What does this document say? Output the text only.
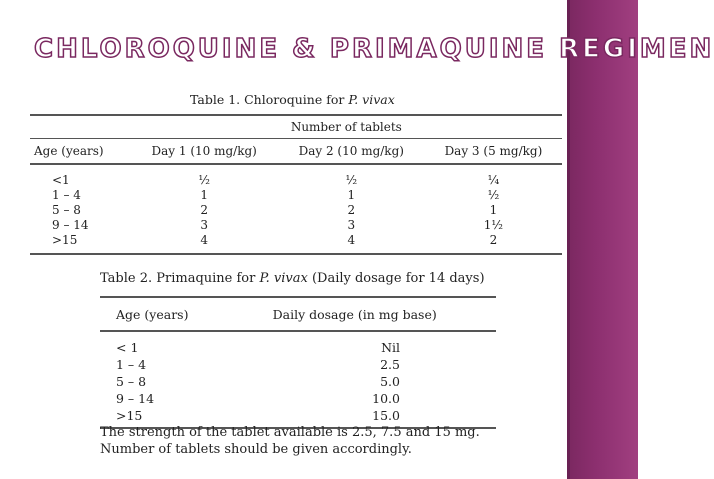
CHLOROQUINE & PRIMAQUINE REGIMEN
Table 1. Chloroquine for P. vivax
	Number of tablets		
Age (years)	Day 1 (10 mg/kg)	Day 2 (10 mg/kg)	Day 3 (5 mg/kg)
<1	½	½	¼
1 – 4	1	1	½
5 – 8	2	2	1
9 – 14	3	3	1½
>15	4	4	2
Table 2. Primaquine for P. vivax (Daily dosage for 14 days)
Age (years)	Daily dosage (in mg base)
< 1	Nil
1 – 4	2.5
5 – 8	5.0
9 – 14	10.0
>15	15.0
The strength of the tablet available is 2.5, 7.5 and 15 mg.
Number of tablets should be given accordingly.
